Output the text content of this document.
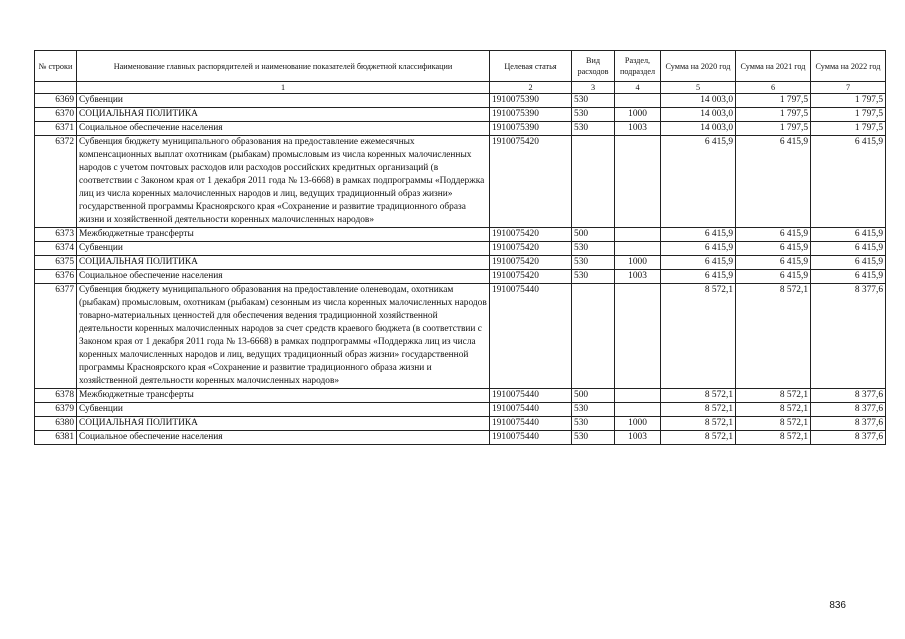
№ строки	Наименование главных распорядителей и наименование показателей бюджетной классификации	Целевая статья	Вид расходов	Раздел, подраздел	Сумма на 2020 год	Сумма на 2021 год	Сумма на 2022 год
	1	2	3	4	5	6	7
6369	Субвенции	1910075390	530		14 003,0	1 797,5	1 797,5
6370	СОЦИАЛЬНАЯ ПОЛИТИКА	1910075390	530	1000	14 003,0	1 797,5	1 797,5
6371	Социальное обеспечение населения	1910075390	530	1003	14 003,0	1 797,5	1 797,5
6372	Субвенция бюджету муниципального образования на предоставление ежемесячных компенсационных выплат охотникам (рыбакам) промысловым из числа коренных малочисленных народов с учетом почтовых расходов или расходов российских кредитных организаций (в соответствии с Законом края от 1 декабря 2011 года № 13-6668) в рамках подпрограммы «Поддержка лиц из числа коренных малочисленных народов и лиц, ведущих традиционный образ жизни» государственной программы Красноярского края «Сохранение и развитие традиционного образа жизни и хозяйственной деятельности коренных малочисленных народов»	1910075420			6 415,9	6 415,9	6 415,9
6373	Межбюджетные трансферты	1910075420	500		6 415,9	6 415,9	6 415,9
6374	Субвенции	1910075420	530		6 415,9	6 415,9	6 415,9
6375	СОЦИАЛЬНАЯ ПОЛИТИКА	1910075420	530	1000	6 415,9	6 415,9	6 415,9
6376	Социальное обеспечение населения	1910075420	530	1003	6 415,9	6 415,9	6 415,9
6377	Субвенция бюджету муниципального образования на предоставление оленеводам, охотникам (рыбакам) промысловым, охотникам (рыбакам) сезонным из числа коренных малочисленных народов товарно-материальных ценностей для обеспечения ведения традиционной хозяйственной деятельности коренных малочисленных народов за счет средств краевого бюджета (в соответствии с Законом края от 1 декабря 2011 года № 13-6668) в рамках подпрограммы «Поддержка лиц из числа коренных малочисленных народов и лиц, ведущих традиционный образ жизни» государственной программы Красноярского края «Сохранение и развитие традиционного образа жизни и хозяйственной деятельности коренных малочисленных народов»	1910075440			8 572,1	8 572,1	8 377,6
6378	Межбюджетные трансферты	1910075440	500		8 572,1	8 572,1	8 377,6
6379	Субвенции	1910075440	530		8 572,1	8 572,1	8 377,6
6380	СОЦИАЛЬНАЯ ПОЛИТИКА	1910075440	530	1000	8 572,1	8 572,1	8 377,6
6381	Социальное обеспечение населения	1910075440	530	1003	8 572,1	8 572,1	8 377,6
836
